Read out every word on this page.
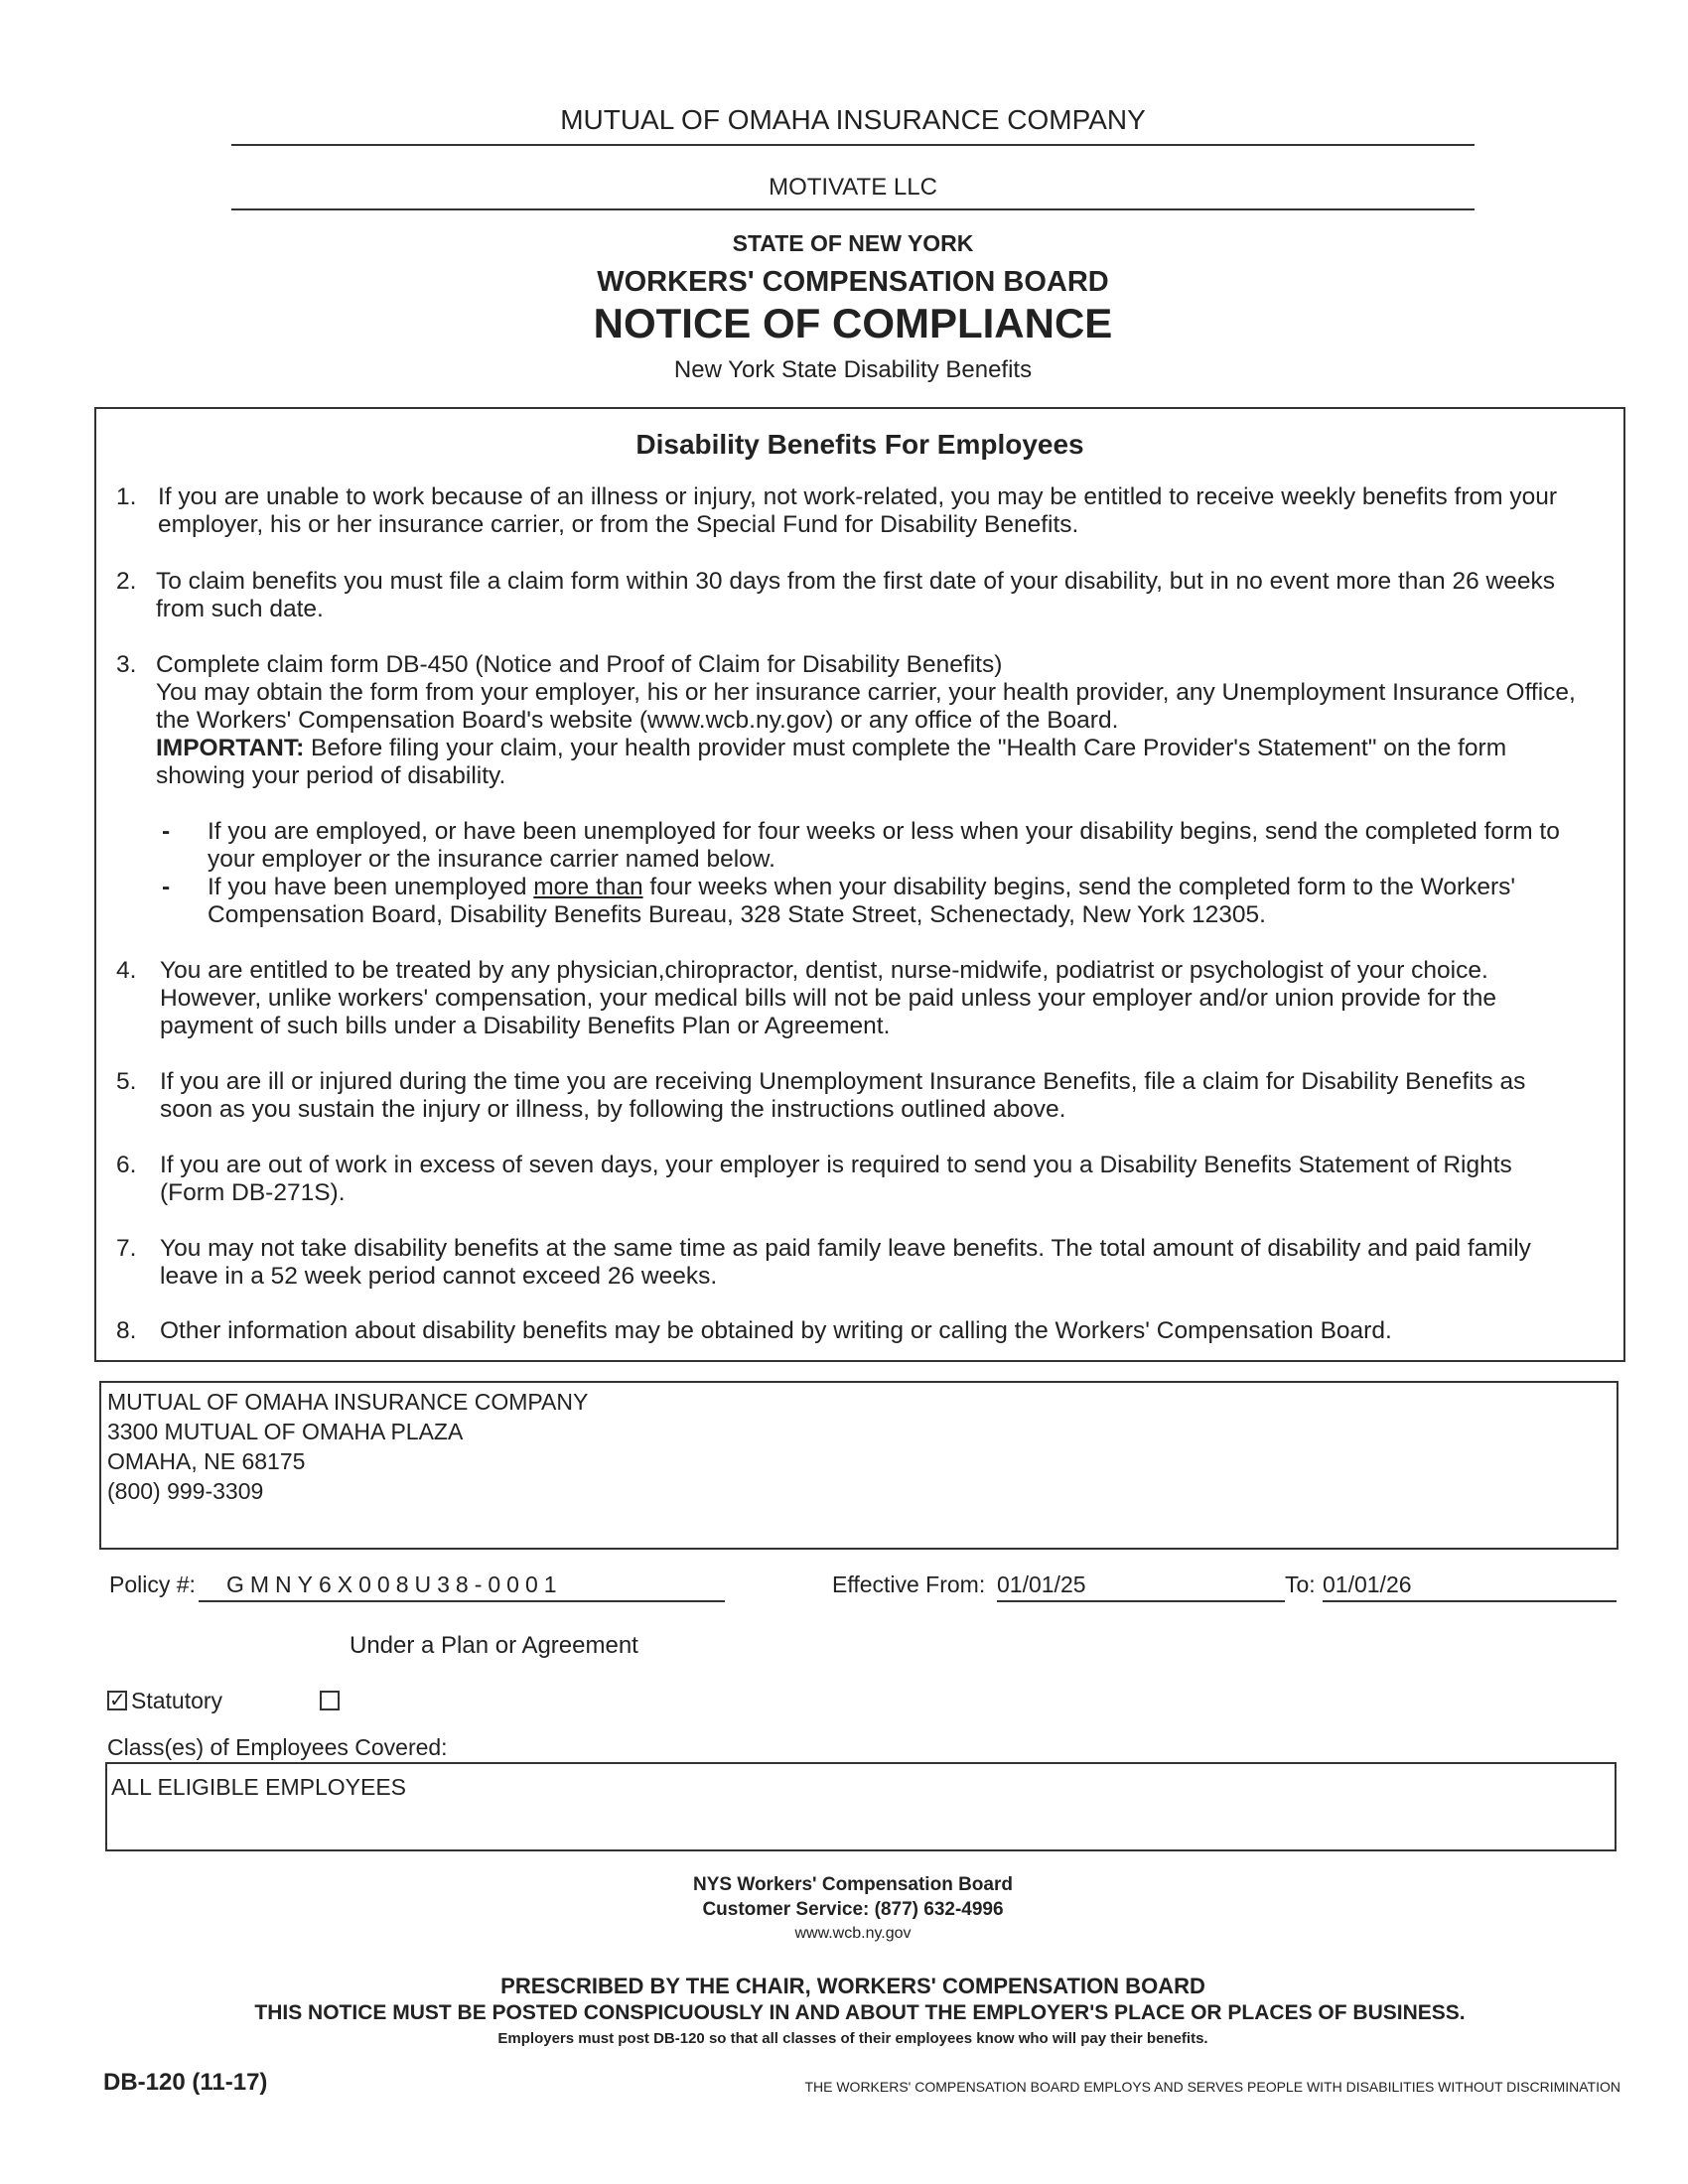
MUTUAL OF OMAHA INSURANCE COMPANY
MOTIVATE LLC
STATE OF NEW YORK
WORKERS' COMPENSATION BOARD
NOTICE OF COMPLIANCE
New York State Disability Benefits
Disability Benefits For Employees
1. If you are unable to work because of an illness or injury, not work-related, you may be entitled to receive weekly benefits from your employer, his or her insurance carrier, or from the Special Fund for Disability Benefits.
2. To claim benefits you must file a claim form within 30 days from the first date of your disability, but in no event more than 26 weeks from such date.
3. Complete claim form DB-450 (Notice and Proof of Claim for Disability Benefits)
You may obtain the form from your employer, his or her insurance carrier, your health provider, any Unemployment Insurance Office, the Workers' Compensation Board's website (www.wcb.ny.gov) or any office of the Board.
IMPORTANT: Before filing your claim, your health provider must complete the "Health Care Provider's Statement" on the form showing your period of disability.
- If you are employed, or have been unemployed for four weeks or less when your disability begins, send the completed form to your employer or the insurance carrier named below.
- If you have been unemployed more than four weeks when your disability begins, send the completed form to the Workers' Compensation Board, Disability Benefits Bureau, 328 State Street, Schenectady, New York 12305.
4. You are entitled to be treated by any physician,chiropractor, dentist, nurse-midwife, podiatrist or psychologist of your choice. However, unlike workers' compensation, your medical bills will not be paid unless your employer and/or union provide for the payment of such bills under a Disability Benefits Plan or Agreement.
5. If you are ill or injured during the time you are receiving Unemployment Insurance Benefits, file a claim for Disability Benefits as soon as you sustain the injury or illness, by following the instructions outlined above.
6. If you are out of work in excess of seven days, your employer is required to send you a Disability Benefits Statement of Rights (Form DB-271S).
7. You may not take disability benefits at the same time as paid family leave benefits. The total amount of disability and paid family leave in a 52 week period cannot exceed 26 weeks.
8. Other information about disability benefits may be obtained by writing or calling the Workers' Compensation Board.
MUTUAL OF OMAHA INSURANCE COMPANY
3300 MUTUAL OF OMAHA PLAZA
OMAHA, NE 68175
(800) 999-3309
Policy #:	GMNY6X008U38-0001	Effective From: 01/01/25	To: 01/01/26
Under a Plan or Agreement
✓ Statutory
Class(es) of Employees Covered:
ALL ELIGIBLE EMPLOYEES
NYS Workers' Compensation Board
Customer Service: (877) 632-4996
www.wcb.ny.gov
PRESCRIBED BY THE CHAIR, WORKERS' COMPENSATION BOARD
THIS NOTICE MUST BE POSTED CONSPICUOUSLY IN AND ABOUT THE EMPLOYER'S PLACE OR PLACES OF BUSINESS.
Employers must post DB-120 so that all classes of their employees know who will pay their benefits.
DB-120 (11-17)	THE WORKERS' COMPENSATION BOARD EMPLOYS AND SERVES PEOPLE WITH DISABILITIES WITHOUT DISCRIMINATION
